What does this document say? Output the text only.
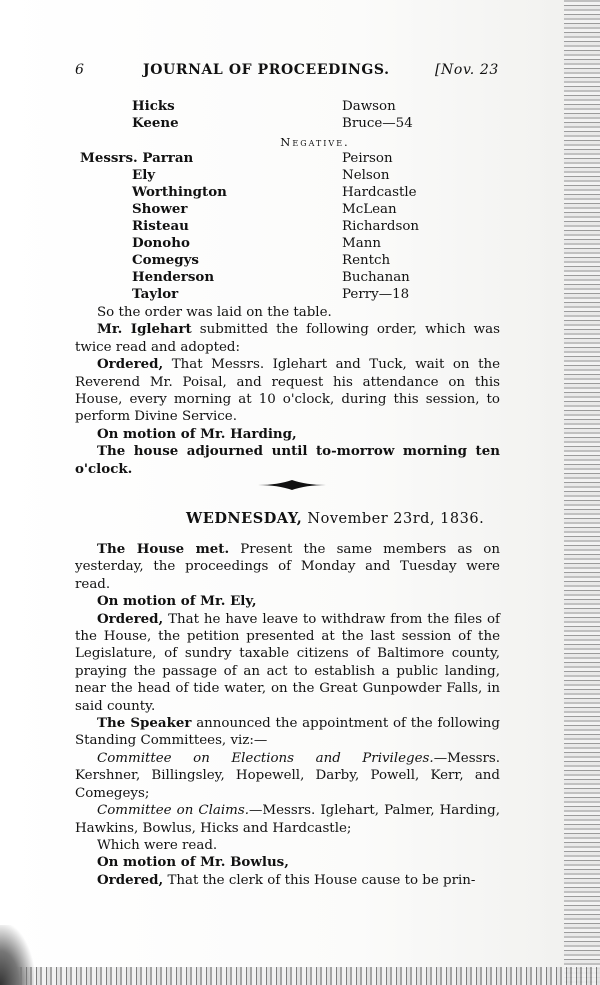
6	JOURNAL OF PROCEEDINGS.	[Nov. 23
Hicks	Dawson
Keene	Bruce—54
Negative.
Messrs. Parran	Peirson
Ely	Nelson
Worthington	Hardcastle
Shower	McLean
Risteau	Richardson
Donoho	Mann
Comegys	Rentch
Henderson	Buchanan
Taylor	Perry—18

So the order was laid on the table.

Mr. Iglehart submitted the following order, which was twice read and adopted:

Ordered, That Messrs. Iglehart and Tuck, wait on the Reverend Mr. Poisal, and request his attendance on this House, every morning at 10 o'clock, during this session, to perform Divine Service.

On motion of Mr. Harding,

The house adjourned until to-morrow morning ten o'clock.

WEDNESDAY, November 23rd, 1836.

The House met. Present the same members as on yesterday, the proceedings of Monday and Tuesday were read.

On motion of Mr. Ely,

Ordered, That he have leave to withdraw from the files of the House, the petition presented at the last session of the Legislature, of sundry taxable citizens of Baltimore county, praying the passage of an act to establish a public landing, near the head of tide water, on the Great Gunpowder Falls, in said county.

The Speaker announced the appointment of the following Standing Committees, viz:—

Committee on Elections and Privileges.—Messrs. Kershner, Billingsley, Hopewell, Darby, Powell, Kerr, and Comegeys;

Committee on Claims.—Messrs. Iglehart, Palmer, Harding, Hawkins, Bowlus, Hicks and Hardcastle;

Which were read.

On motion of Mr. Bowlus,

Ordered, That the clerk of this House cause to be prin-
